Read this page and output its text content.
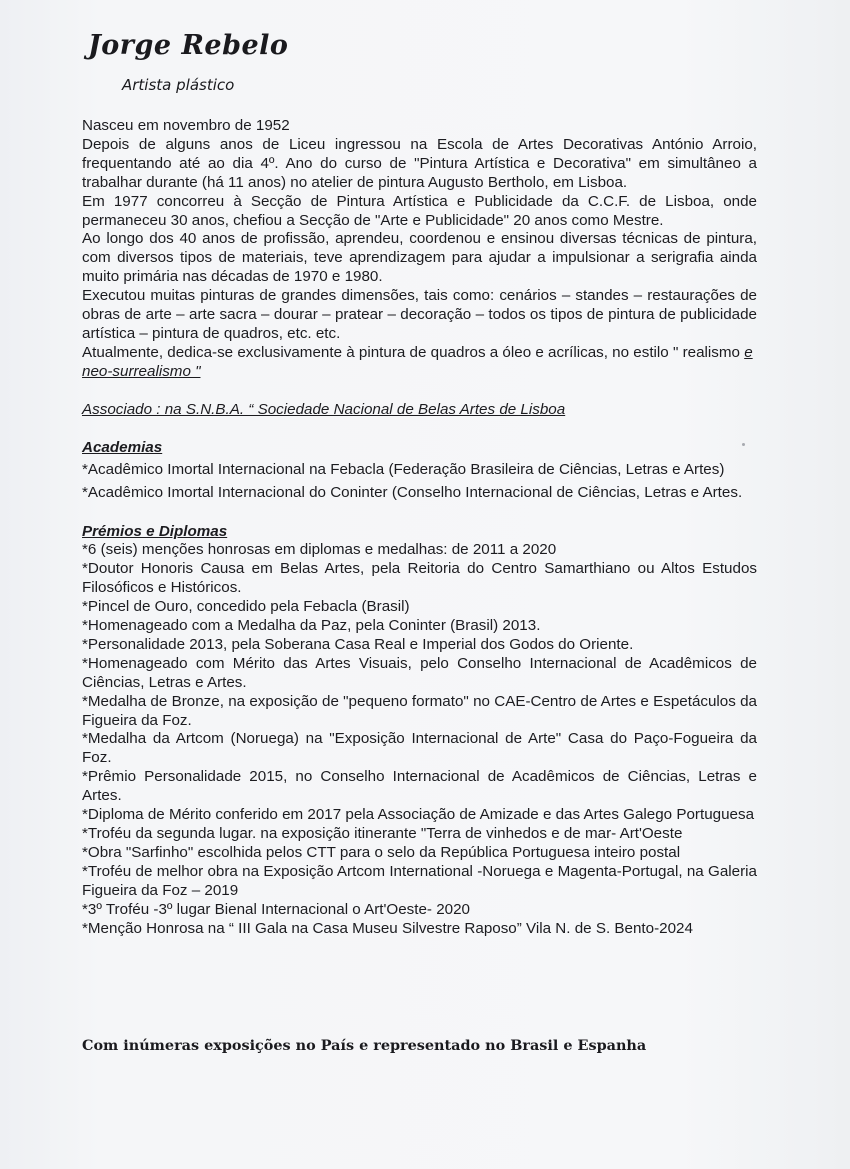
Jorge Rebelo
Artista plástico

Nasceu em novembro de 1952

Depois de alguns anos de Liceu ingressou na Escola de Artes Decorativas António Arroio, frequentando até ao dia 4º. Ano do curso de "Pintura Artística e Decorativa" em simultâneo a trabalhar durante (há 11 anos) no atelier de pintura Augusto Bertholo, em Lisboa.

Em 1977 concorreu à Secção de Pintura Artística e Publicidade da C.C.F. de Lisboa, onde permaneceu 30 anos, chefiou a Secção de "Arte e Publicidade" 20 anos como Mestre.

Ao longo dos 40 anos de profissão, aprendeu, coordenou e ensinou diversas técnicas de pintura, com diversos tipos de materiais, teve aprendizagem para ajudar a impulsionar a serigrafia ainda muito primária nas décadas de 1970 e 1980.

Executou muitas pinturas de grandes dimensões, tais como: cenários – standes – restaurações de obras de arte – arte sacra – dourar – pratear – decoração – todos os tipos de pintura de publicidade artística – pintura de quadros, etc. etc.

Atualmente, dedica-se exclusivamente à pintura de quadros a óleo e acrílicas, no estilo " realismo e neo-surrealismo "

Associado : na S.N.B.A. “ Sociedade Nacional de Belas Artes de Lisboa

Academias

*Acadêmico Imortal Internacional na Febacla (Federação Brasileira de Ciências, Letras e Artes)

*Acadêmico Imortal Internacional do Coninter (Conselho Internacional de Ciências, Letras e Artes.

Prémios e Diplomas

*6 (seis) menções honrosas em diplomas e medalhas: de 2011 a 2020

*Doutor Honoris Causa em Belas Artes, pela Reitoria do Centro Samarthiano ou Altos Estudos Filosóficos e Históricos.

*Pincel de Ouro, concedido pela Febacla (Brasil)

*Homenageado com a Medalha da Paz, pela Coninter (Brasil) 2013.

*Personalidade 2013, pela Soberana Casa Real e Imperial dos Godos do Oriente.

*Homenageado com Mérito das Artes Visuais, pelo Conselho Internacional de Acadêmicos de Ciências, Letras e Artes.

*Medalha de Bronze, na exposição de "pequeno formato" no CAE-Centro de Artes e Espetáculos da Figueira da Foz.

*Medalha da Artcom (Noruega) na "Exposição Internacional de Arte" Casa do Paço-Fogueira da Foz.

*Prêmio Personalidade 2015, no Conselho Internacional de Acadêmicos de Ciências, Letras e Artes.

*Diploma de Mérito conferido em 2017 pela Associação de Amizade e das Artes Galego Portuguesa

*Troféu da segunda lugar. na exposição itinerante "Terra de vinhedos e de mar- Art'Oeste

*Obra "Sarfinho" escolhida pelos CTT para o selo da República Portuguesa inteiro postal

*Troféu de melhor obra na Exposição Artcom International -Noruega e Magenta-Portugal, na Galeria Figueira da Foz – 2019

*3º Troféu -3º lugar Bienal Internacional o Art'Oeste- 2020

*Menção Honrosa na “ III Gala na Casa Museu Silvestre Raposo” Vila N. de S. Bento-2024

Com inúmeras exposições no País e representado no Brasil e Espanha
